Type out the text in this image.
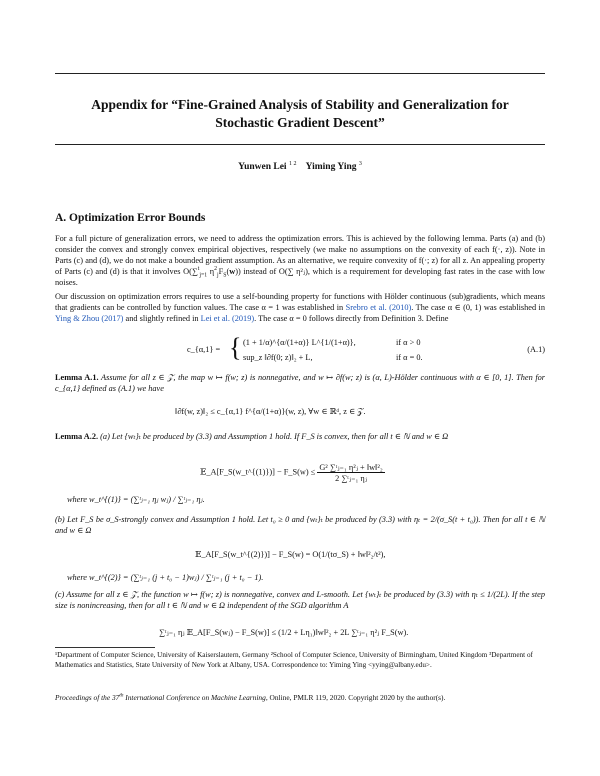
Appendix for “Fine-Grained Analysis of Stability and Generalization for
Stochastic Gradient Descent”
Yunwen Lei $^{1 2}$ Yiming Ying $^3$
A. Optimization Error Bounds
For a full picture of generalization errors, we need to address the optimization errors. This is achieved by the following lemma. Parts (a) and (b) consider the convex and strongly convex empirical objectives, respectively (we make no assumptions on the convexity of each f(·, z)). Note in Parts (c) and (d), we do not make a bounded gradient assumption. As an alternative, we require convexity of f(·; z) for all z. An appealing property of Parts (c) and (d) is that it involves O(∑$^t_{j=1}$ $\eta^2_jF_S(w)$) instead of O(∑ η²ⱼ), which is a requirement for developing fast rates in the case with low noises.
Our discussion on optimization errors requires to use a self-bounding property for functions with Hölder continuous (sub)gradients, which means that gradients can be controlled by function values. The case α = 1 was established in Srebro et al. (2010). The case α ∈ (0, 1) was established in Ying & Zhou (2017) and slightly refined in Lei et al. (2019). The case α = 0 follows directly from Definition 3. Define
c_{α,1} = { (1 + 1/α)^{α/(1+α)} L^{1/(1+α)},	if α > 0
sup_z ‖∂f(0; z)‖₂ + L,	if α = 0.
(A.1)
Lemma A.1. Assume for all z ∈ 𝒵, the map w ↦ f(w; z) is nonnegative, and w ↦ ∂f(w; z) is (α, L)-Hölder continuous with α ∈ [0, 1]. Then for c_{α,1} defined as (A.1) we have
‖∂f(w, z)‖₂ ≤ c_{α,1} f^{α/(1+α)}(w, z), ∀w ∈ ℝᵈ, z ∈ 𝒵.
Lemma A.2. (a) Let {wₜ}ₜ be produced by (3.3) and Assumption 1 hold. If F_S is convex, then for all t ∈ ℕ and w ∈ Ω
𝔼_A[F_S(w_t^{(1)})] − F_S(w) ≤ $\frac{\text{G² ∑ᵗⱼ₌₁ η²ⱼ + ‖w‖²₂}}{\text{2 ∑ᵗⱼ₌₁ ηⱼ}}$
where w_t^{(1)} = (∑ᵗⱼ₌₁ ηⱼ wⱼ) / ∑ᵗⱼ₌₁ ηⱼ.
(b) Let F_S be σ_S-strongly convex and Assumption 1 hold. Let t₀ ≥ 0 and {wₜ}ₜ be produced by (3.3) with ηₜ = 2/(σ_S(t + t₀)). Then for all t ∈ ℕ and w ∈ Ω
𝔼_A[F_S(w_t^{(2)})] − F_S(w) = O(1/(tσ_S) + ‖w‖²₂/t²),
where w_t^{(2)} = (∑ᵗⱼ₌₁ (j + t₀ − 1)wⱼ) / ∑ᵗⱼ₌₁ (j + t₀ − 1).
(c) Assume for all z ∈ 𝒵, the function w ↦ f(w; z) is nonnegative, convex and L-smooth. Let {wₜ}ₜ be produced by (3.3) with ηₜ ≤ 1/(2L). If the step size is nonincreasing, then for all t ∈ ℕ and w ∈ Ω independent of the SGD algorithm A
∑ᵗⱼ₌₁ ηⱼ 𝔼_A[F_S(wⱼ) − F_S(w)] ≤ (1/2 + Lη₁)‖w‖²₂ + 2L ∑ᵗⱼ₌₁ η²ⱼ F_S(w).
¹Department of Computer Science, University of Kaiserslautern, Germany ²School of Computer Science, University of Birmingham, United Kingdom ³Department of Mathematics and Statistics, State University of New York at Albany, USA. Correspondence to: Yiming Ying <yying@albany.edu>.
Proceedings of the 37th International Conference on Machine Learning, Online, PMLR 119, 2020. Copyright 2020 by the author(s).
